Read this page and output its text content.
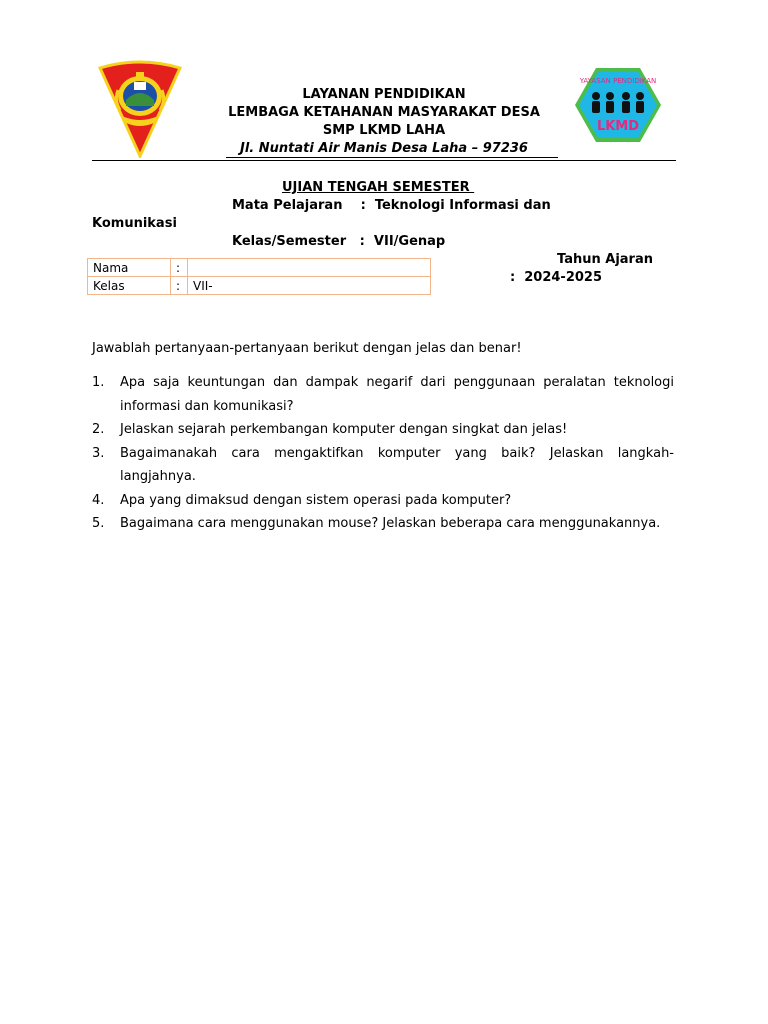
LAYANAN PENDIDIKAN
LEMBAGA KETAHANAN MASYARAKAT DESA
SMP LKMD LAHA
Jl. Nuntati Air Manis Desa Laha – 97236
YAYASAN PENDIDIKAN
LKMD
UJIAN TENGAH SEMESTER
Mata Pelajaran    :  Teknologi Informasi dan
Komunikasi
Kelas/Semester   :  VII/Genap
Tahun Ajaran
:  2024-2025
Nama	:	
Kelas	:	VII-
Jawablah pertanyaan-pertanyaan berikut dengan jelas dan benar!
1.	Apa saja keuntungan dan dampak negarif dari penggunaan peralatan teknologi informasi dan komunikasi?
2.	Jelaskan sejarah perkembangan komputer dengan singkat dan jelas!
3.	Bagaimanakah cara mengaktifkan komputer yang baik? Jelaskan langkah-langjahnya.
4.	Apa yang dimaksud dengan sistem operasi pada komputer?
5.	Bagaimana cara menggunakan mouse? Jelaskan beberapa cara menggunakannya.
